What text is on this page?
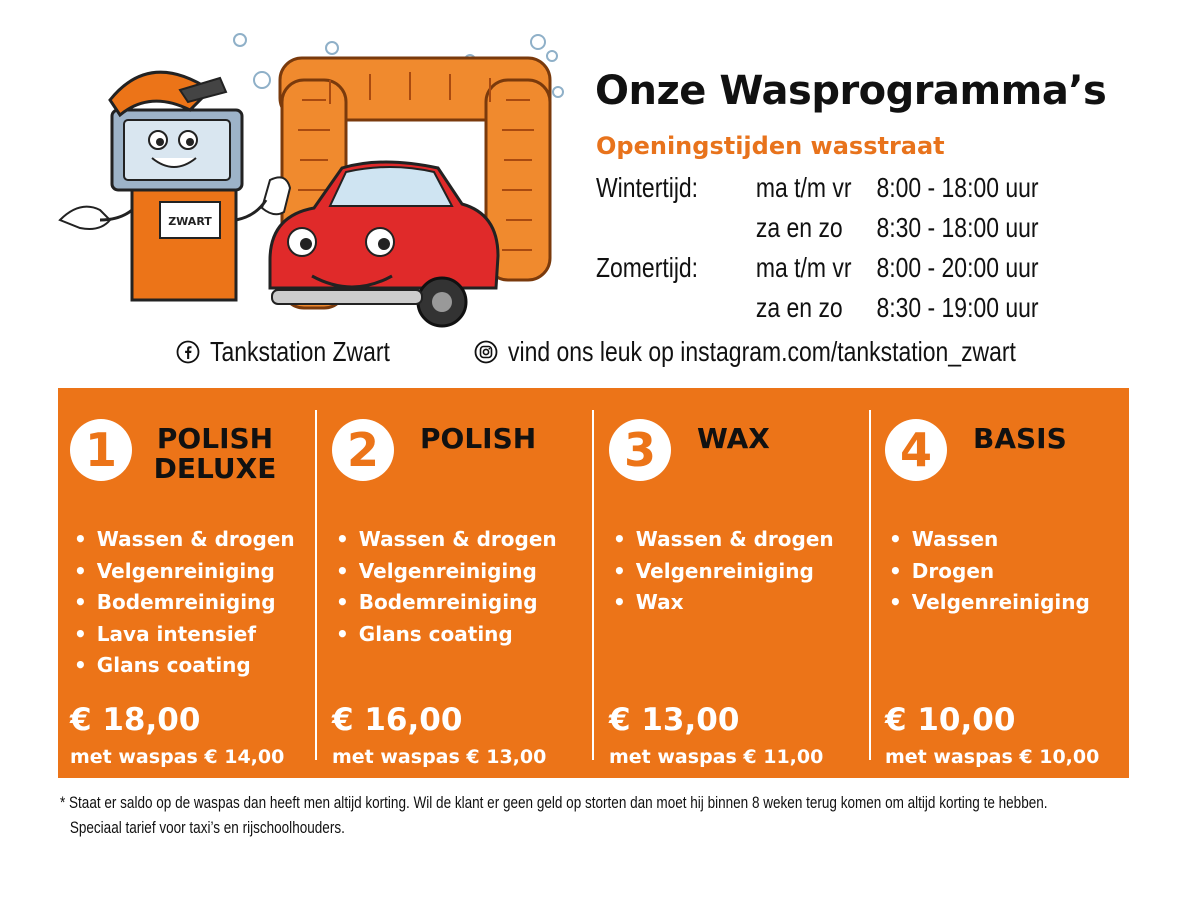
ZWART
Onze Wasprogramma’s
Openingstijden wasstraat
Wintertijd: ma t/m vr 8:00 - 18:00 uur
za en zo 8:30 - 18:00 uur
Zomertijd: ma t/m vr 8:00 - 20:00 uur
za en zo 8:30 - 19:00 uur
Tankstation Zwart	vind ons leuk op instagram.com/tankstation_zwart
1	POLISH
DELUXE
• Wassen & drogen
• Velgenreiniging
• Bodemreiniging
• Lava intensief
• Glans coating
€ 18,00
met waspas € 14,00
2	POLISH
• Wassen & drogen
• Velgenreiniging
• Bodemreiniging
• Glans coating
€ 16,00
met waspas € 13,00
3	WAX
• Wassen & drogen
• Velgenreiniging
• Wax
€ 13,00
met waspas € 11,00
4	BASIS
• Wassen
• Drogen
• Velgenreiniging
€ 10,00
met waspas € 10,00
* Staat er saldo op de waspas dan heeft men altijd korting. Wil de klant er geen geld op storten dan moet hij binnen 8 weken terug komen om altijd korting te hebben.
Speciaal tarief voor taxi’s en rijschoolhouders.
